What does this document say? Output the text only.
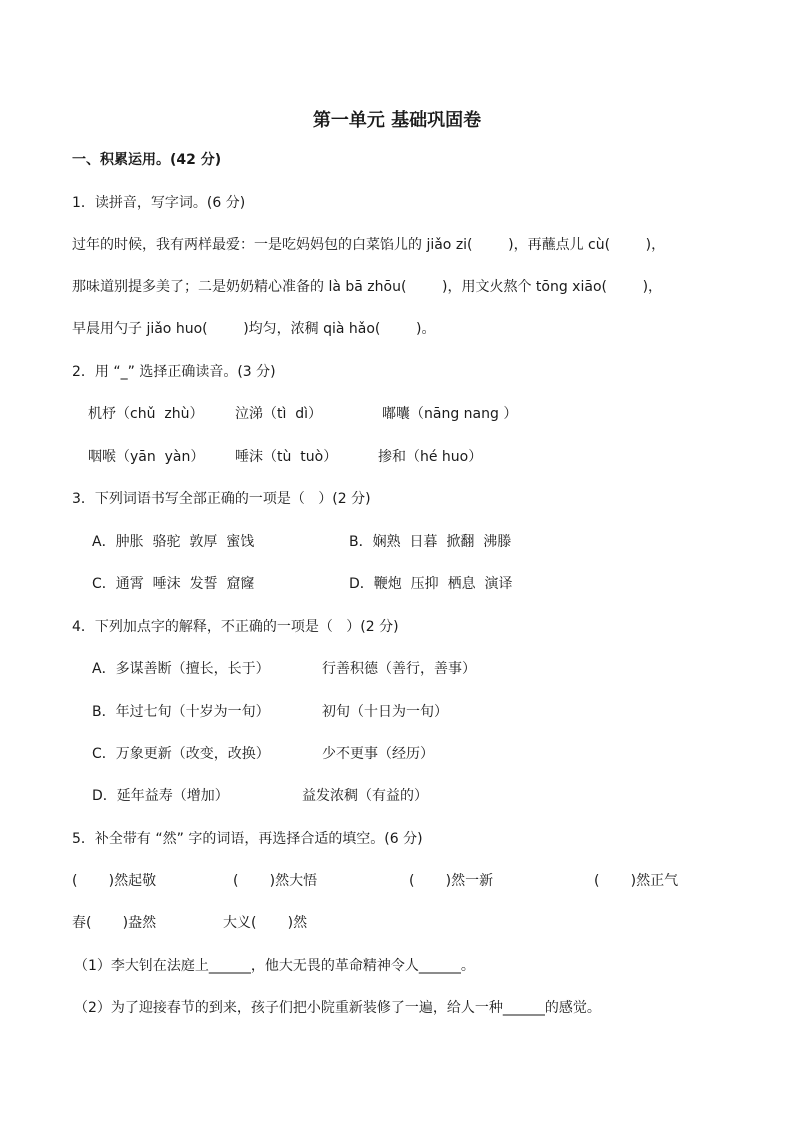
第一单元 基础巩固卷
一、积累运用。(42 分)
1．读拼音，写字词。(6 分)
过年的时候，我有两样最爱：一是吃妈妈包的白菜馅儿的 jiǎo zi(        )，再蘸点儿 cù(        )，
那味道别提多美了；二是奶奶精心准备的 là bā zhōu(        )，用文火熬个 tōng xiāo(        )，
早晨用勺子 jiǎo huo(        )均匀，浓稠 qià hǎo(        )。
2．用 “_” 选择正确读音。(3 分)
机杼（chǔ  zhù）	泣涕（tì  dì）	嘟囔（nāng nang ）
咽喉（yān  yàn）	唾沫（tù  tuò）	掺和（hé huo）
3．下列词语书写全部正确的一项是（   ）(2 分)
A．肿胀  骆驼  敦厚  蜜饯	B．娴熟  日暮  掀翻  沸滕
C．通霄  唾沫  发誓  窟窿	D．鞭炮  压抑  栖息  演译
4．下列加点字的解释，不正确的一项是（   ）(2 分)
A．多谋善断（擅长，长于）	行善积德（善行，善事）
B．年过七旬（十岁为一旬）	初旬（十日为一旬）
C．万象更新（改变，改换）	少不更事（经历）
D．延年益寿（增加）	益发浓稠（有益的）
5．补全带有 “然” 字的词语，再选择合适的填空。(6 分)
(       )然起敬	(       )然大悟	(       )然一新	(       )然正气
春(       )盎然	大义(       )然
（1）李大钊在法庭上______，他大无畏的革命精神令人______。
（2）为了迎接春节的到来，孩子们把小院重新装修了一遍，给人一种______的感觉。
